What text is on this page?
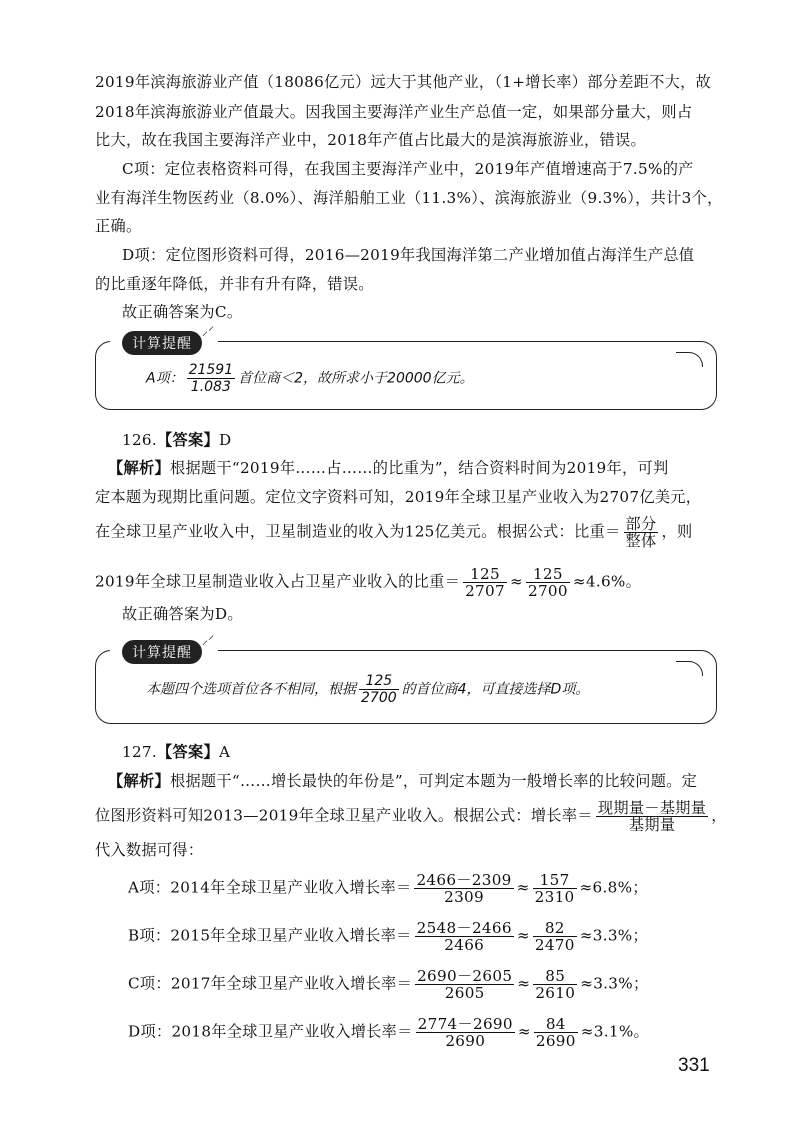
2019年滨海旅游业产值（18086亿元）远大于其他产业，（1+增长率）部分差距不大，故
2018年滨海旅游业产值最大。因我国主要海洋产业生产总值一定，如果部分量大，则占
比大，故在我国主要海洋产业中，2018年产值占比最大的是滨海旅游业，错误。
C项：定位表格资料可得，在我国主要海洋产业中，2019年产值增速高于7.5%的产
业有海洋生物医药业（8.0%）、海洋船舶工业（11.3%）、滨海旅游业（9.3%），共计3个，
正确。
D项：定位图形资料可得，2016—2019年我国海洋第二产业增加值占海洋生产总值
的比重逐年降低，并非有升有降，错误。
故正确答案为C。
计算提醒
⸝⸍
A项： $\frac{21591}{1.083}$ 首位商＜2，故所求小于20000亿元。
126.【答案】D
【解析】根据题干“2019年……占……的比重为”，结合资料时间为2019年，可判
定本题为现期比重问题。定位文字资料可知，2019年全球卫星产业收入为2707亿美元，
在全球卫星产业收入中，卫星制造业的收入为125亿美元。根据公式：比重＝ $\frac{\text{部分}}{\text{整体}}$ ，则
2019年全球卫星制造业收入占卫星产业收入的比重＝ $\frac{125}{2707} \approx \frac{125}{2700} \approx 4.6\%$。
故正确答案为D。
计算提醒
⸝⸍
本题四个选项首位各不相同，根据 $\frac{125}{2700}$ 的首位商4，可直接选择D项。
127.【答案】A
【解析】根据题干“……增长最快的年份是”，可判定本题为一般增长率的比较问题。定
位图形资料可知2013—2019年全球卫星产业收入。根据公式：增长率＝ $\frac{\text{现期量－基期量}}{\text{基期量}}$ ，
代入数据可得：
A项：2014年全球卫星产业收入增长率＝ $\frac{2466-2309}{2309} \approx \frac{157}{2310} \approx 6.8\%$；
B项：2015年全球卫星产业收入增长率＝ $\frac{2548-2466}{2466} \approx \frac{82}{2470} \approx 3.3\%$；
C项：2017年全球卫星产业收入增长率＝ $\frac{2690-2605}{2605} \approx \frac{85}{2610} \approx 3.3\%$；
D项：2018年全球卫星产业收入增长率＝ $\frac{2774-2690}{2690} \approx \frac{84}{2690} \approx 3.1\%$。
331
